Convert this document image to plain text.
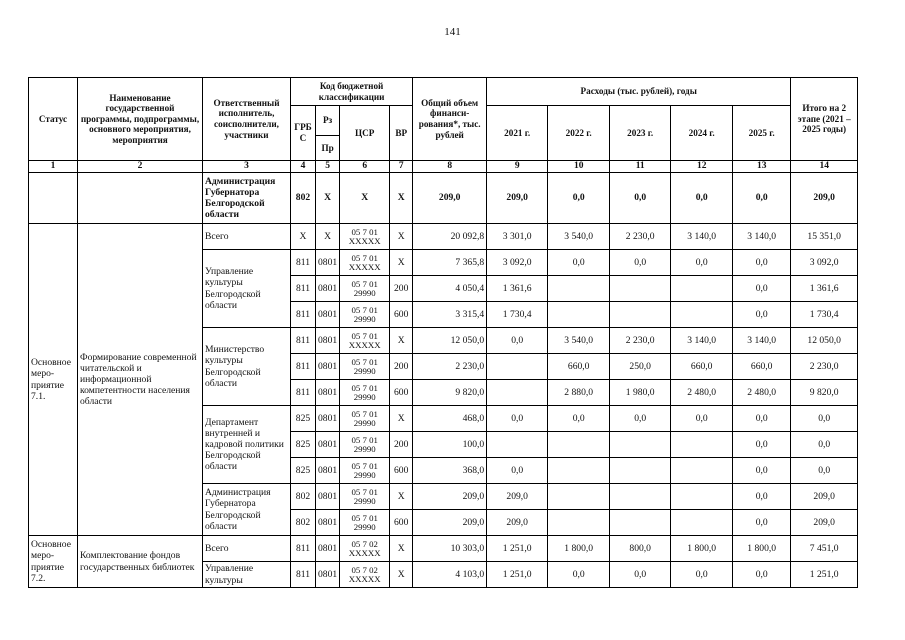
141
Статус	Наименование государственной программы, подпрограммы, основного мероприятия, мероприятия	Ответственный исполнитель, соисполнители, участники	Код бюджетной классификации				Общий объем финанси-рования*, тыс. рублей	Расходы (тыс. рублей), годы					Итого на 2 этапе (2021 – 2025 годы)
			ГРБ С	Рз	ЦСР	ВР		2021 г.	2022 г.	2023 г.	2024 г.	2025 г.	
				Пр									
1	2	3	4	5	6	7	8	9	10	11	12	13	14
		Администрация Губернатора Белгородской области	802	Х	Х	Х	209,0	209,0	0,0	0,0	0,0	0,0	209,0
Основное меро-приятие 7.1.	Формирование современной читательской и информационной компетентности населения области	Всего	Х	Х	05 7 01 ХХХХХ	Х	20 092,8	3 301,0	3 540,0	2 230,0	3 140,0	3 140,0	15 351,0
		Управление культуры Белгородской области	811	0801	05 7 01 ХХХХХ	Х	7 365,8	3 092,0	0,0	0,0	0,0	0,0	3 092,0
			811	0801	05 7 01 29990	200	4 050,4	1 361,6				0,0	1 361,6
			811	0801	05 7 01 29990	600	3 315,4	1 730,4				0,0	1 730,4
		Министерство культуры Белгородской области	811	0801	05 7 01 ХХХХХ	Х	12 050,0	0,0	3 540,0	2 230,0	3 140,0	3 140,0	12 050,0
			811	0801	05 7 01 29990	200	2 230,0		660,0	250,0	660,0	660,0	2 230,0
			811	0801	05 7 01 29990	600	9 820,0		2 880,0	1 980,0	2 480,0	2 480,0	9 820,0
		Департамент внутренней и кадровой политики Белгородской области	825	0801	05 7 01 29990	Х	468,0	0,0	0,0	0,0	0,0	0,0	0,0
			825	0801	05 7 01 29990	200	100,0					0,0	0,0
			825	0801	05 7 01 29990	600	368,0	0,0				0,0	0,0
		Администрация Губернатора Белгородской области	802	0801	05 7 01 29990	Х	209,0	209,0				0,0	209,0
			802	0801	05 7 01 29990	600	209,0	209,0				0,0	209,0
Основное меро-приятие 7.2.	Комплектование фондов государственных библиотек	Всего	811	0801	05 7 02 ХХХХХ	Х	10 303,0	1 251,0	1 800,0	800,0	1 800,0	1 800,0	7 451,0
		Управление культуры	811	0801	05 7 02 ХХХХХ	Х	4 103,0	1 251,0	0,0	0,0	0,0	0,0	1 251,0
